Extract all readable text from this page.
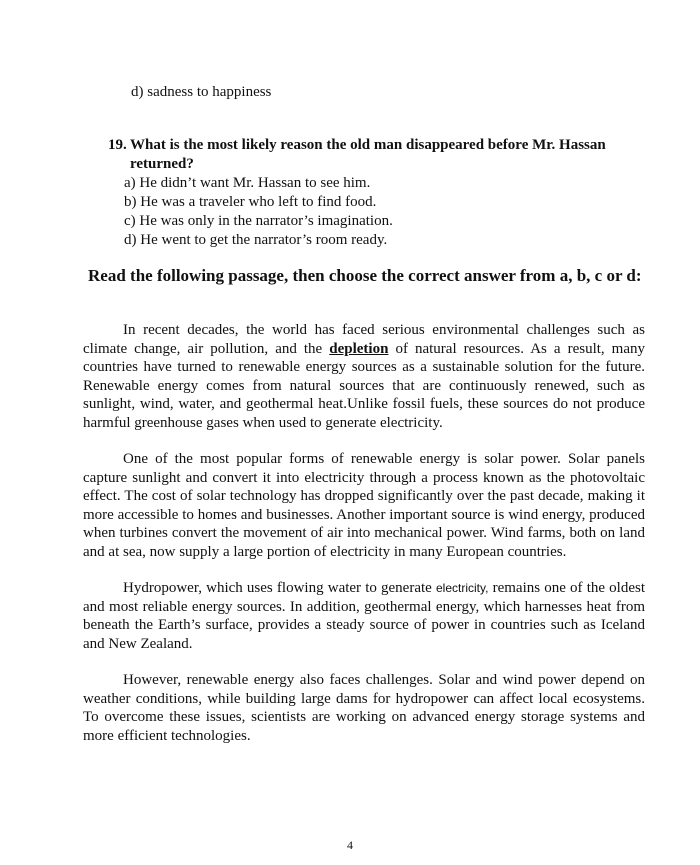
d) sadness to happiness
19. What is the most likely reason the old man disappeared before Mr. Hassan returned?
a) He didn’t want Mr. Hassan to see him.
b) He was a traveler who left to find food.
c) He was only in the narrator’s imagination.
d) He went to get the narrator’s room ready.
Read the following passage, then choose the correct answer from a, b, c or d:

In recent decades, the world has faced serious environmental challenges such as climate change, air pollution, and the depletion of natural resources. As a result, many countries have turned to renewable energy sources as a sustainable solution for the future. Renewable energy comes from natural sources that are continuously renewed, such as sunlight, wind, water, and geothermal heat.Unlike fossil fuels, these sources do not produce harmful greenhouse gases when used to generate electricity.

One of the most popular forms of renewable energy is solar power. Solar panels capture sunlight and convert it into electricity through a process known as the photovoltaic effect. The cost of solar technology has dropped significantly over the past decade, making it more accessible to homes and businesses. Another important source is wind energy, produced when turbines convert the movement of air into mechanical power. Wind farms, both on land and at sea, now supply a large portion of electricity in many European countries.

Hydropower, which uses flowing water to generate electricity, remains one of the oldest and most reliable energy sources. In addition, geothermal energy, which harnesses heat from beneath the Earth’s surface, provides a steady source of power in countries such as Iceland and New Zealand.

However, renewable energy also faces challenges. Solar and wind power depend on weather conditions, while building large dams for hydropower can affect local ecosystems. To overcome these issues, scientists are working on advanced energy storage systems and more efficient technologies.

4
